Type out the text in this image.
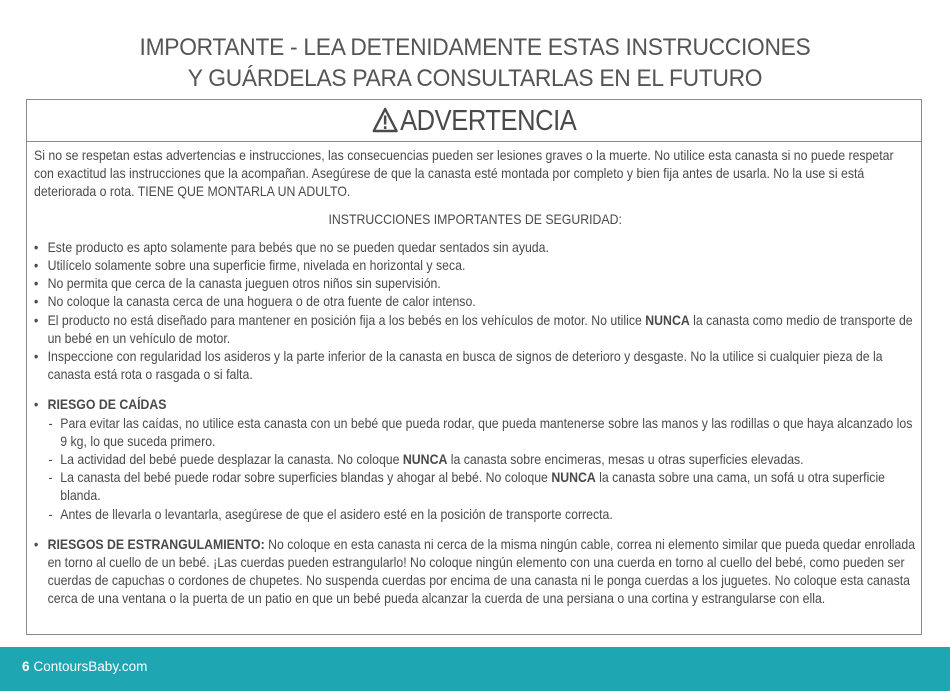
IMPORTANTE - LEA DETENIDAMENTE ESTAS INSTRUCCIONES
Y GUÁRDELAS PARA CONSULTARLAS EN EL FUTURO
ADVERTENCIA

Si no se respetan estas advertencias e instrucciones, las consecuencias pueden ser lesiones graves o la muerte. No utilice esta canasta si no puede respetar con exactitud las instrucciones que la acompañan. Asegúrese de que la canasta esté montada por completo y bien fija antes de usarla. No la use si está deteriorada o rota. TIENE QUE MONTARLA UN ADULTO.

INSTRUCCIONES IMPORTANTES DE SEGURIDAD:

• Este producto es apto solamente para bebés que no se pueden quedar sentados sin ayuda.
• Utilícelo solamente sobre una superficie firme, nivelada en horizontal y seca.
• No permita que cerca de la canasta jueguen otros niños sin supervisión.
• No coloque la canasta cerca de una hoguera o de otra fuente de calor intenso.
• El producto no está diseñado para mantener en posición fija a los bebés en los vehículos de motor. No utilice NUNCA la canasta como medio de transporte de un bebé en un vehículo de motor.
• Inspeccione con regularidad los asideros y la parte inferior de la canasta en busca de signos de deterioro y desgaste. No la utilice si cualquier pieza de la canasta está rota o rasgada o si falta.
• RIESGO DE CAÍDAS
- Para evitar las caídas, no utilice esta canasta con un bebé que pueda rodar, que pueda mantenerse sobre las manos y las rodillas o que haya alcanzado los 9 kg, lo que suceda primero.
- La actividad del bebé puede desplazar la canasta. No coloque NUNCA la canasta sobre encimeras, mesas u otras superficies elevadas.
- La canasta del bebé puede rodar sobre superficies blandas y ahogar al bebé. No coloque NUNCA la canasta sobre una cama, un sofá u otra superficie blanda.
- Antes de llevarla o levantarla, asegúrese de que el asidero esté en la posición de transporte correcta.

• RIESGOS DE ESTRANGULAMIENTO: No coloque en esta canasta ni cerca de la misma ningún cable, correa ni elemento similar que pueda quedar enrollada en torno al cuello de un bebé. ¡Las cuerdas pueden estrangularlo! No coloque ningún elemento con una cuerda en torno al cuello del bebé, como pueden ser cuerdas de capuchas o cordones de chupetes. No suspenda cuerdas por encima de una canasta ni le ponga cuerdas a los juguetes. No coloque esta canasta cerca de una ventana o la puerta de un patio en que un bebé pueda alcanzar la cuerda de una persiana o una cortina y estrangularse con ella.

6 ContoursBaby.com
